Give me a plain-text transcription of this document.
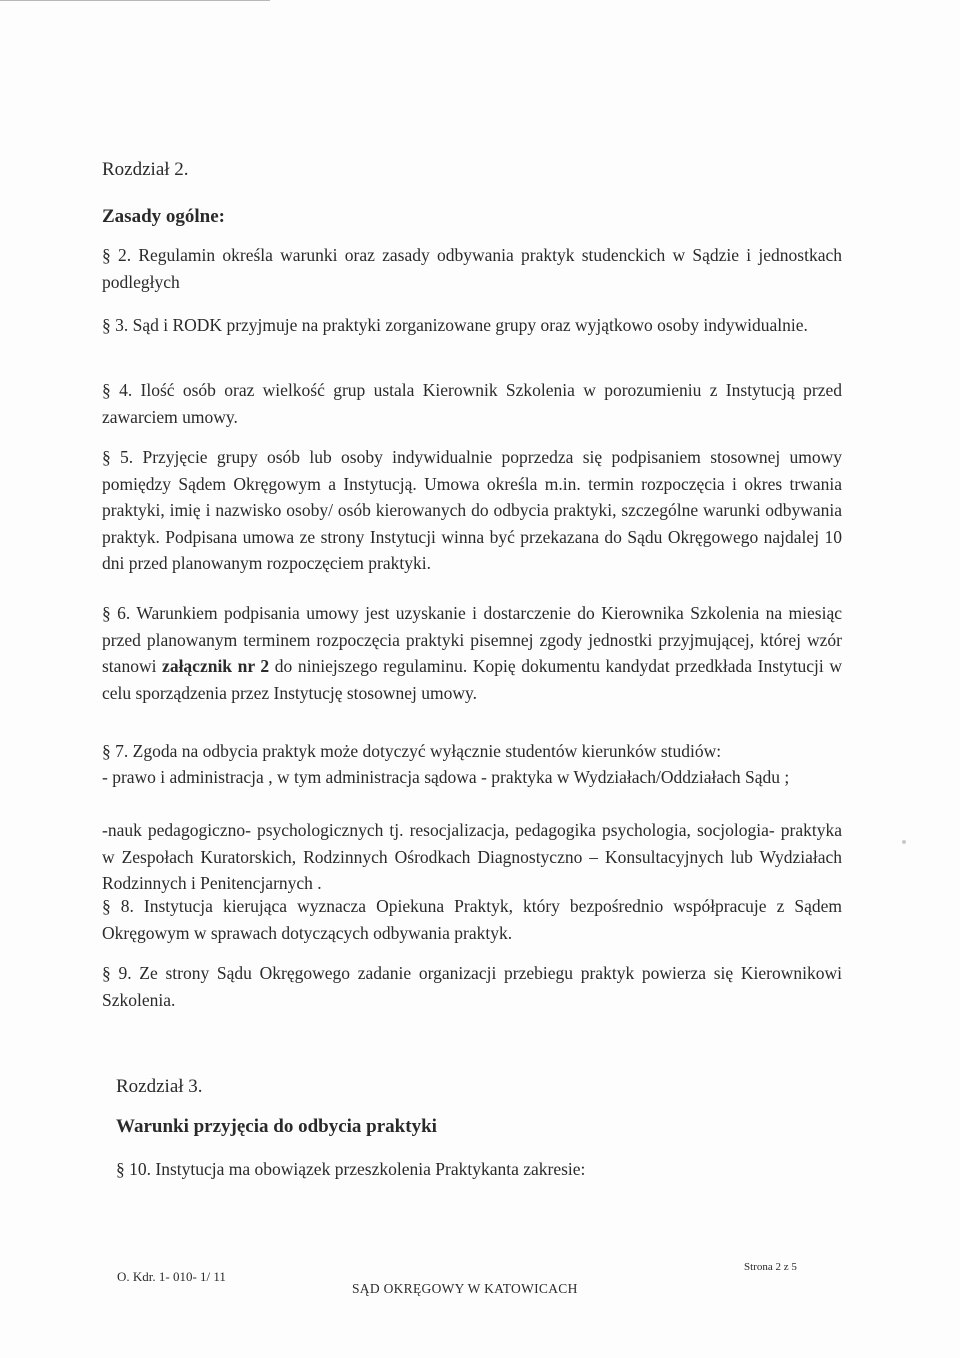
Rozdział 2.
Zasady ogólne:

§ 2. Regulamin określa warunki oraz zasady odbywania praktyk studenckich w Sądzie i jednostkach podległych

§ 3. Sąd i RODK przyjmuje na praktyki zorganizowane grupy oraz wyjątkowo osoby indywidualnie.

§ 4. Ilość osób oraz wielkość grup ustala Kierownik Szkolenia w porozumieniu z Instytucją przed zawarciem umowy.

§ 5. Przyjęcie grupy osób lub osoby indywidualnie poprzedza się podpisaniem stosownej umowy pomiędzy Sądem Okręgowym a Instytucją. Umowa określa m.in. termin rozpoczęcia i okres trwania praktyki, imię i nazwisko osoby/ osób kierowanych do odbycia praktyki, szczególne warunki odbywania praktyk. Podpisana umowa ze strony Instytucji winna być przekazana do Sądu Okręgowego najdalej 10 dni przed planowanym rozpoczęciem praktyki.

§ 6. Warunkiem podpisania umowy jest uzyskanie i dostarczenie do Kierownika Szkolenia na miesiąc przed planowanym terminem rozpoczęcia praktyki pisemnej zgody jednostki przyjmującej, której wzór stanowi załącznik nr 2 do niniejszego regulaminu. Kopię dokumentu kandydat przedkłada Instytucji w celu sporządzenia przez Instytucję stosownej umowy.

§ 7. Zgoda na odbycia praktyk może dotyczyć wyłącznie studentów kierunków studiów:

- prawo i administracja , w tym administracja sądowa - praktyka w Wydziałach/Oddziałach Sądu ;

-nauk pedagogiczno- psychologicznych tj. resocjalizacja, pedagogika psychologia, socjologia- praktyka w Zespołach Kuratorskich, Rodzinnych Ośrodkach Diagnostyczno – Konsultacyjnych lub Wydziałach Rodzinnych i Penitencjarnych .

§ 8. Instytucja kierująca wyznacza Opiekuna Praktyk, który bezpośrednio współpracuje z Sądem Okręgowym w sprawach dotyczących odbywania praktyk.

§ 9. Ze strony Sądu Okręgowego zadanie organizacji przebiegu praktyk powierza się Kierownikowi Szkolenia.

Rozdział 3.
Warunki przyjęcia do odbycia praktyki

§ 10. Instytucja ma obowiązek przeszkolenia Praktykanta zakresie:

O. Kdr. 1- 010- 1/ 11
SĄD OKRĘGOWY W KATOWICACH
Strona 2 z 5
